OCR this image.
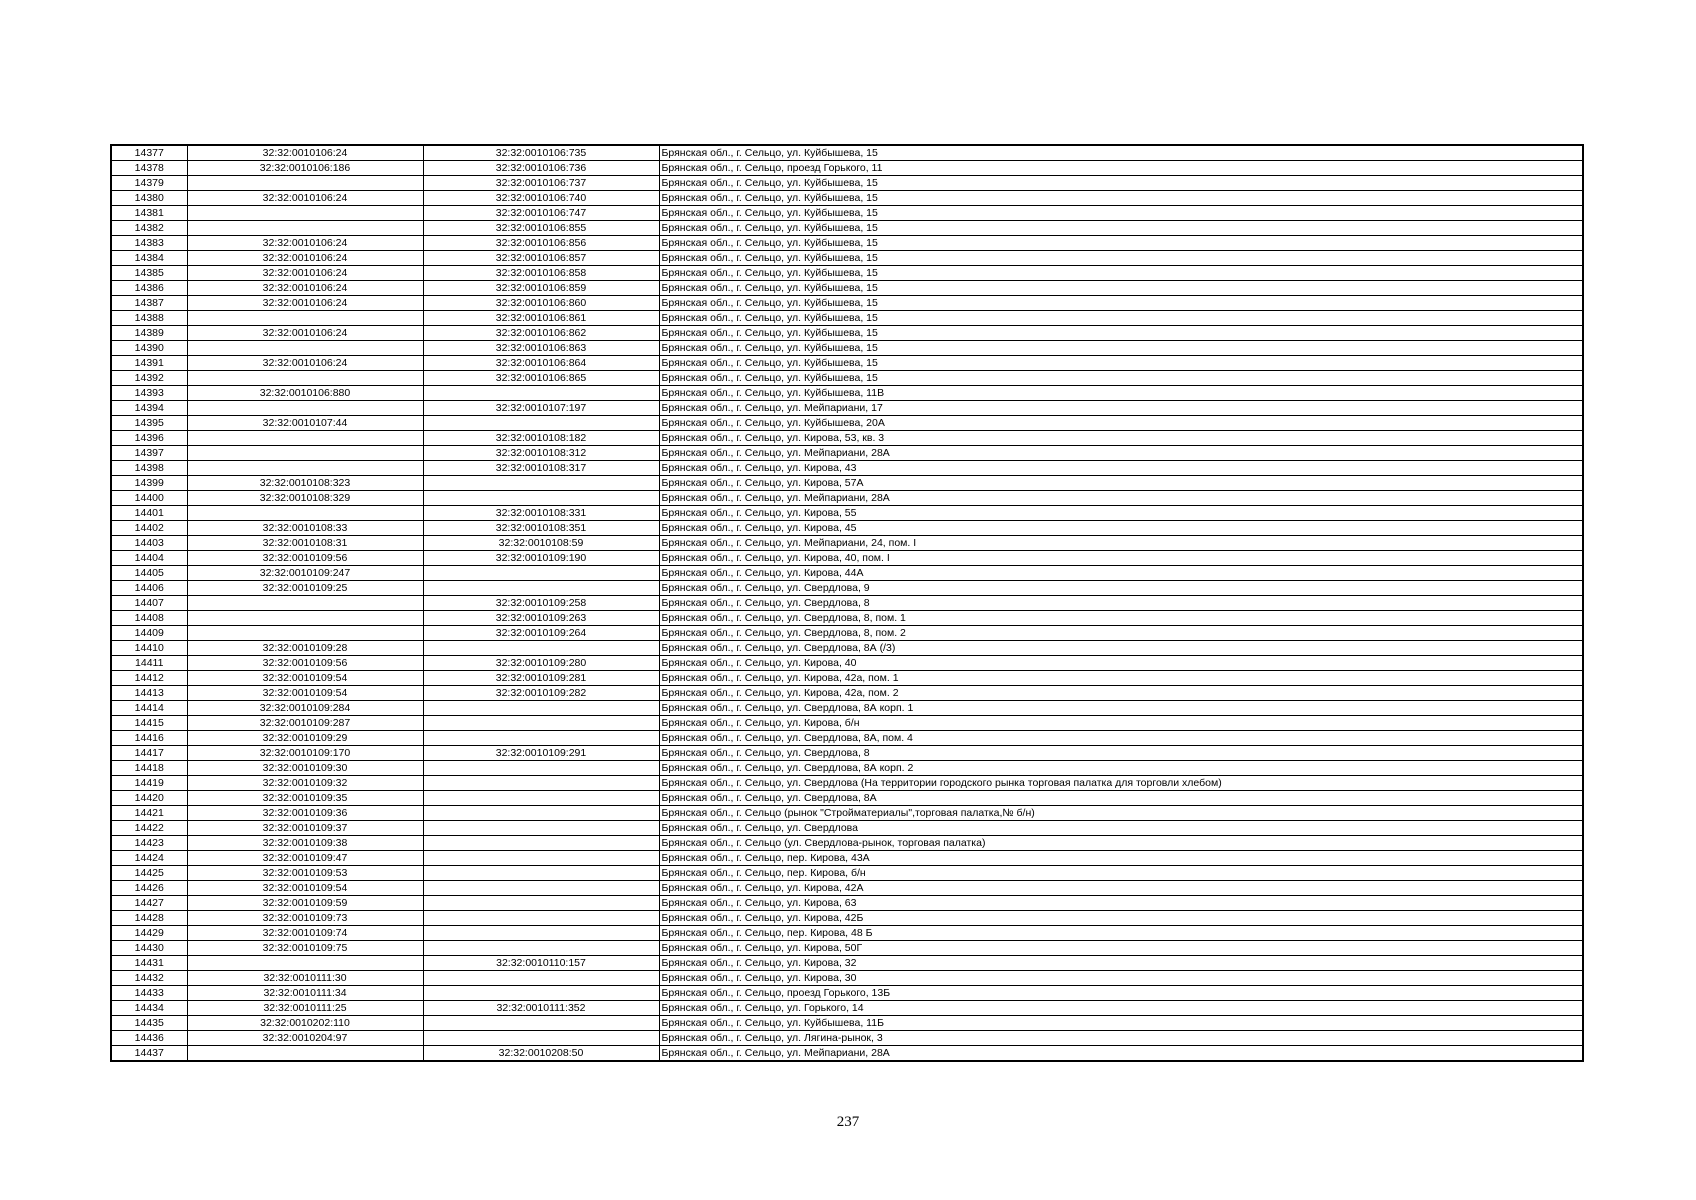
14377	32:32:0010106:24	32:32:0010106:735	Брянская обл., г. Сельцо, ул. Куйбышева, 15
14378	32:32:0010106:186	32:32:0010106:736	Брянская обл., г. Сельцо, проезд Горького, 11
14379		32:32:0010106:737	Брянская обл., г. Сельцо, ул. Куйбышева, 15
14380	32:32:0010106:24	32:32:0010106:740	Брянская обл., г. Сельцо, ул. Куйбышева, 15
14381		32:32:0010106:747	Брянская обл., г. Сельцо, ул. Куйбышева, 15
14382		32:32:0010106:855	Брянская обл., г. Сельцо, ул. Куйбышева, 15
14383	32:32:0010106:24	32:32:0010106:856	Брянская обл., г. Сельцо, ул. Куйбышева, 15
14384	32:32:0010106:24	32:32:0010106:857	Брянская обл., г. Сельцо, ул. Куйбышева, 15
14385	32:32:0010106:24	32:32:0010106:858	Брянская обл., г. Сельцо, ул. Куйбышева, 15
14386	32:32:0010106:24	32:32:0010106:859	Брянская обл., г. Сельцо, ул. Куйбышева, 15
14387	32:32:0010106:24	32:32:0010106:860	Брянская обл., г. Сельцо, ул. Куйбышева, 15
14388		32:32:0010106:861	Брянская обл., г. Сельцо, ул. Куйбышева, 15
14389	32:32:0010106:24	32:32:0010106:862	Брянская обл., г. Сельцо, ул. Куйбышева, 15
14390		32:32:0010106:863	Брянская обл., г. Сельцо, ул. Куйбышева, 15
14391	32:32:0010106:24	32:32:0010106:864	Брянская обл., г. Сельцо, ул. Куйбышева, 15
14392		32:32:0010106:865	Брянская обл., г. Сельцо, ул. Куйбышева, 15
14393	32:32:0010106:880		Брянская обл., г. Сельцо, ул. Куйбышева, 11В
14394		32:32:0010107:197	Брянская обл., г. Сельцо, ул. Мейпариани, 17
14395	32:32:0010107:44		Брянская обл., г. Сельцо, ул. Куйбышева, 20А
14396		32:32:0010108:182	Брянская обл., г. Сельцо, ул. Кирова, 53, кв. 3
14397		32:32:0010108:312	Брянская обл., г. Сельцо, ул. Мейпариани, 28А
14398		32:32:0010108:317	Брянская обл., г. Сельцо, ул. Кирова, 43
14399	32:32:0010108:323		Брянская обл., г. Сельцо, ул. Кирова, 57А
14400	32:32:0010108:329		Брянская обл., г. Сельцо, ул. Мейпариани, 28А
14401		32:32:0010108:331	Брянская обл., г. Сельцо, ул. Кирова, 55
14402	32:32:0010108:33	32:32:0010108:351	Брянская обл., г. Сельцо, ул. Кирова, 45
14403	32:32:0010108:31	32:32:0010108:59	Брянская обл., г. Сельцо, ул. Мейпариани, 24, пом. I
14404	32:32:0010109:56	32:32:0010109:190	Брянская обл., г. Сельцо, ул. Кирова, 40, пом. I
14405	32:32:0010109:247		Брянская обл., г. Сельцо, ул. Кирова, 44А
14406	32:32:0010109:25		Брянская обл., г. Сельцо, ул. Свердлова, 9
14407		32:32:0010109:258	Брянская обл., г. Сельцо, ул. Свердлова, 8
14408		32:32:0010109:263	Брянская обл., г. Сельцо, ул. Свердлова, 8, пом. 1
14409		32:32:0010109:264	Брянская обл., г. Сельцо, ул. Свердлова, 8, пом. 2
14410	32:32:0010109:28		Брянская обл., г. Сельцо, ул. Свердлова, 8А (/3)
14411	32:32:0010109:56	32:32:0010109:280	Брянская обл., г. Сельцо, ул. Кирова, 40
14412	32:32:0010109:54	32:32:0010109:281	Брянская обл., г. Сельцо, ул. Кирова, 42а, пом. 1
14413	32:32:0010109:54	32:32:0010109:282	Брянская обл., г. Сельцо, ул. Кирова, 42а, пом. 2
14414	32:32:0010109:284		Брянская обл., г. Сельцо, ул. Свердлова, 8А корп. 1
14415	32:32:0010109:287		Брянская обл., г. Сельцо, ул. Кирова, б/н
14416	32:32:0010109:29		Брянская обл., г. Сельцо, ул. Свердлова, 8А, пом. 4
14417	32:32:0010109:170	32:32:0010109:291	Брянская обл., г. Сельцо, ул. Свердлова, 8
14418	32:32:0010109:30		Брянская обл., г. Сельцо, ул. Свердлова, 8А корп. 2
14419	32:32:0010109:32		Брянская обл., г. Сельцо, ул. Свердлова (На территории городского рынка торговая палатка для торговли хлебом)
14420	32:32:0010109:35		Брянская обл., г. Сельцо, ул. Свердлова, 8А
14421	32:32:0010109:36		Брянская обл., г. Сельцо (рынок "Стройматериалы",торговая палатка,№ б/н)
14422	32:32:0010109:37		Брянская обл., г. Сельцо, ул. Свердлова
14423	32:32:0010109:38		Брянская обл., г. Сельцо (ул. Свердлова-рынок, торговая палатка)
14424	32:32:0010109:47		Брянская обл., г. Сельцо, пер. Кирова, 43А
14425	32:32:0010109:53		Брянская обл., г. Сельцо, пер. Кирова, б/н
14426	32:32:0010109:54		Брянская обл., г. Сельцо, ул. Кирова, 42А
14427	32:32:0010109:59		Брянская обл., г. Сельцо, ул. Кирова, 63
14428	32:32:0010109:73		Брянская обл., г. Сельцо, ул. Кирова, 42Б
14429	32:32:0010109:74		Брянская обл., г. Сельцо, пер. Кирова, 48 Б
14430	32:32:0010109:75		Брянская обл., г. Сельцо, ул. Кирова, 50Г
14431		32:32:0010110:157	Брянская обл., г. Сельцо, ул. Кирова, 32
14432	32:32:0010111:30		Брянская обл., г. Сельцо, ул. Кирова, 30
14433	32:32:0010111:34		Брянская обл., г. Сельцо, проезд Горького, 13Б
14434	32:32:0010111:25	32:32:0010111:352	Брянская обл., г. Сельцо, ул. Горького, 14
14435	32:32:0010202:110		Брянская обл., г. Сельцо, ул. Куйбышева, 11Б
14436	32:32:0010204:97		Брянская обл., г. Сельцо, ул. Лягина-рынок, 3
14437		32:32:0010208:50	Брянская обл., г. Сельцо, ул. Мейпариани, 28А
237
